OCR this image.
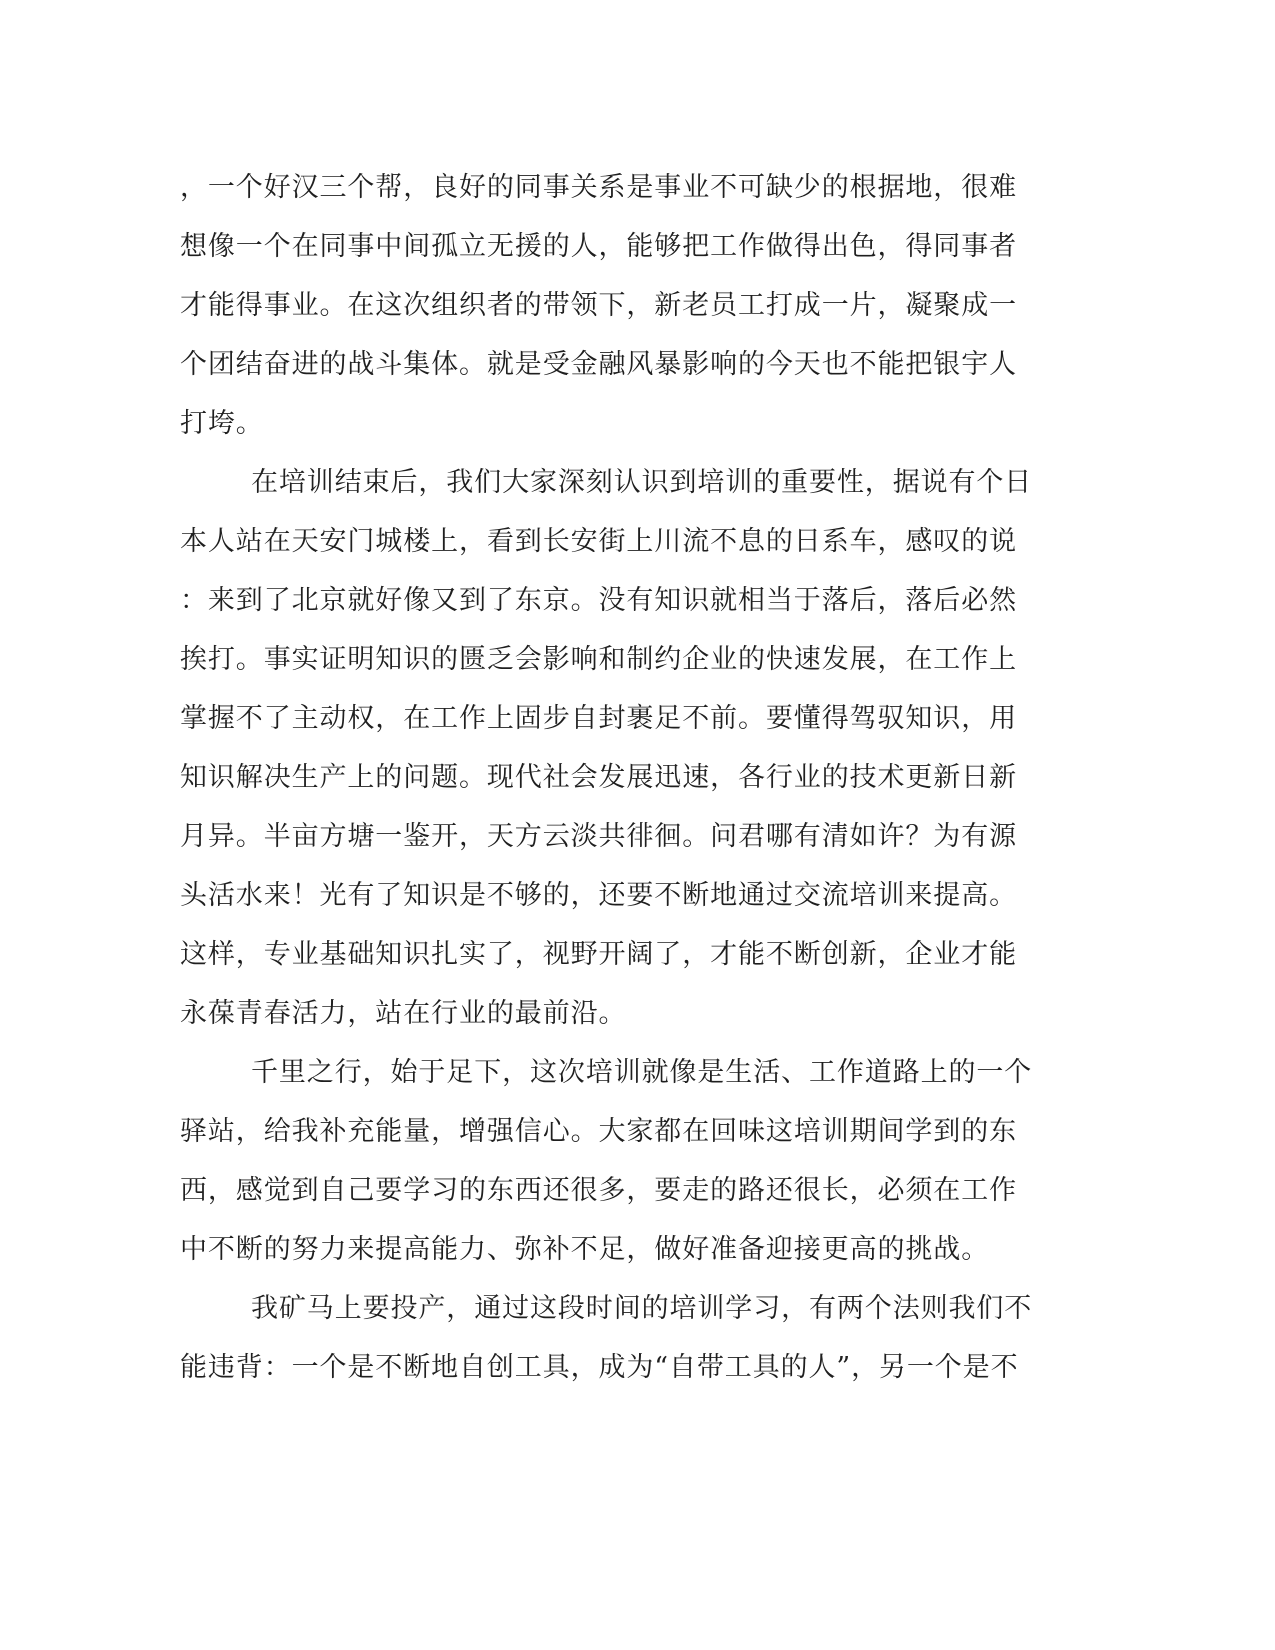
，一个好汉三个帮，良好的同事关系是事业不可缺少的根据地，很难
想像一个在同事中间孤立无援的人，能够把工作做得出色，得同事者
才能得事业。在这次组织者的带领下，新老员工打成一片，凝聚成一
个团结奋进的战斗集体。就是受金融风暴影响的今天也不能把银宇人
打垮。
在培训结束后，我们大家深刻认识到培训的重要性，据说有个日
本人站在天安门城楼上，看到长安街上川流不息的日系车，感叹的说
：来到了北京就好像又到了东京。没有知识就相当于落后，落后必然
挨打。事实证明知识的匮乏会影响和制约企业的快速发展，在工作上
掌握不了主动权，在工作上固步自封裹足不前。要懂得驾驭知识，用
知识解决生产上的问题。现代社会发展迅速，各行业的技术更新日新
月异。半亩方塘一鉴开，天方云淡共徘徊。问君哪有清如许？为有源
头活水来！光有了知识是不够的，还要不断地通过交流培训来提高。
这样，专业基础知识扎实了，视野开阔了，才能不断创新，企业才能
永葆青春活力，站在行业的最前沿。
千里之行，始于足下，这次培训就像是生活、工作道路上的一个
驿站，给我补充能量，增强信心。大家都在回味这培训期间学到的东
西，感觉到自己要学习的东西还很多，要走的路还很长，必须在工作
中不断的努力来提高能力、弥补不足，做好准备迎接更高的挑战。
我矿马上要投产，通过这段时间的培训学习，有两个法则我们不
能违背：一个是不断地自创工具，成为“自带工具的人”，另一个是不
